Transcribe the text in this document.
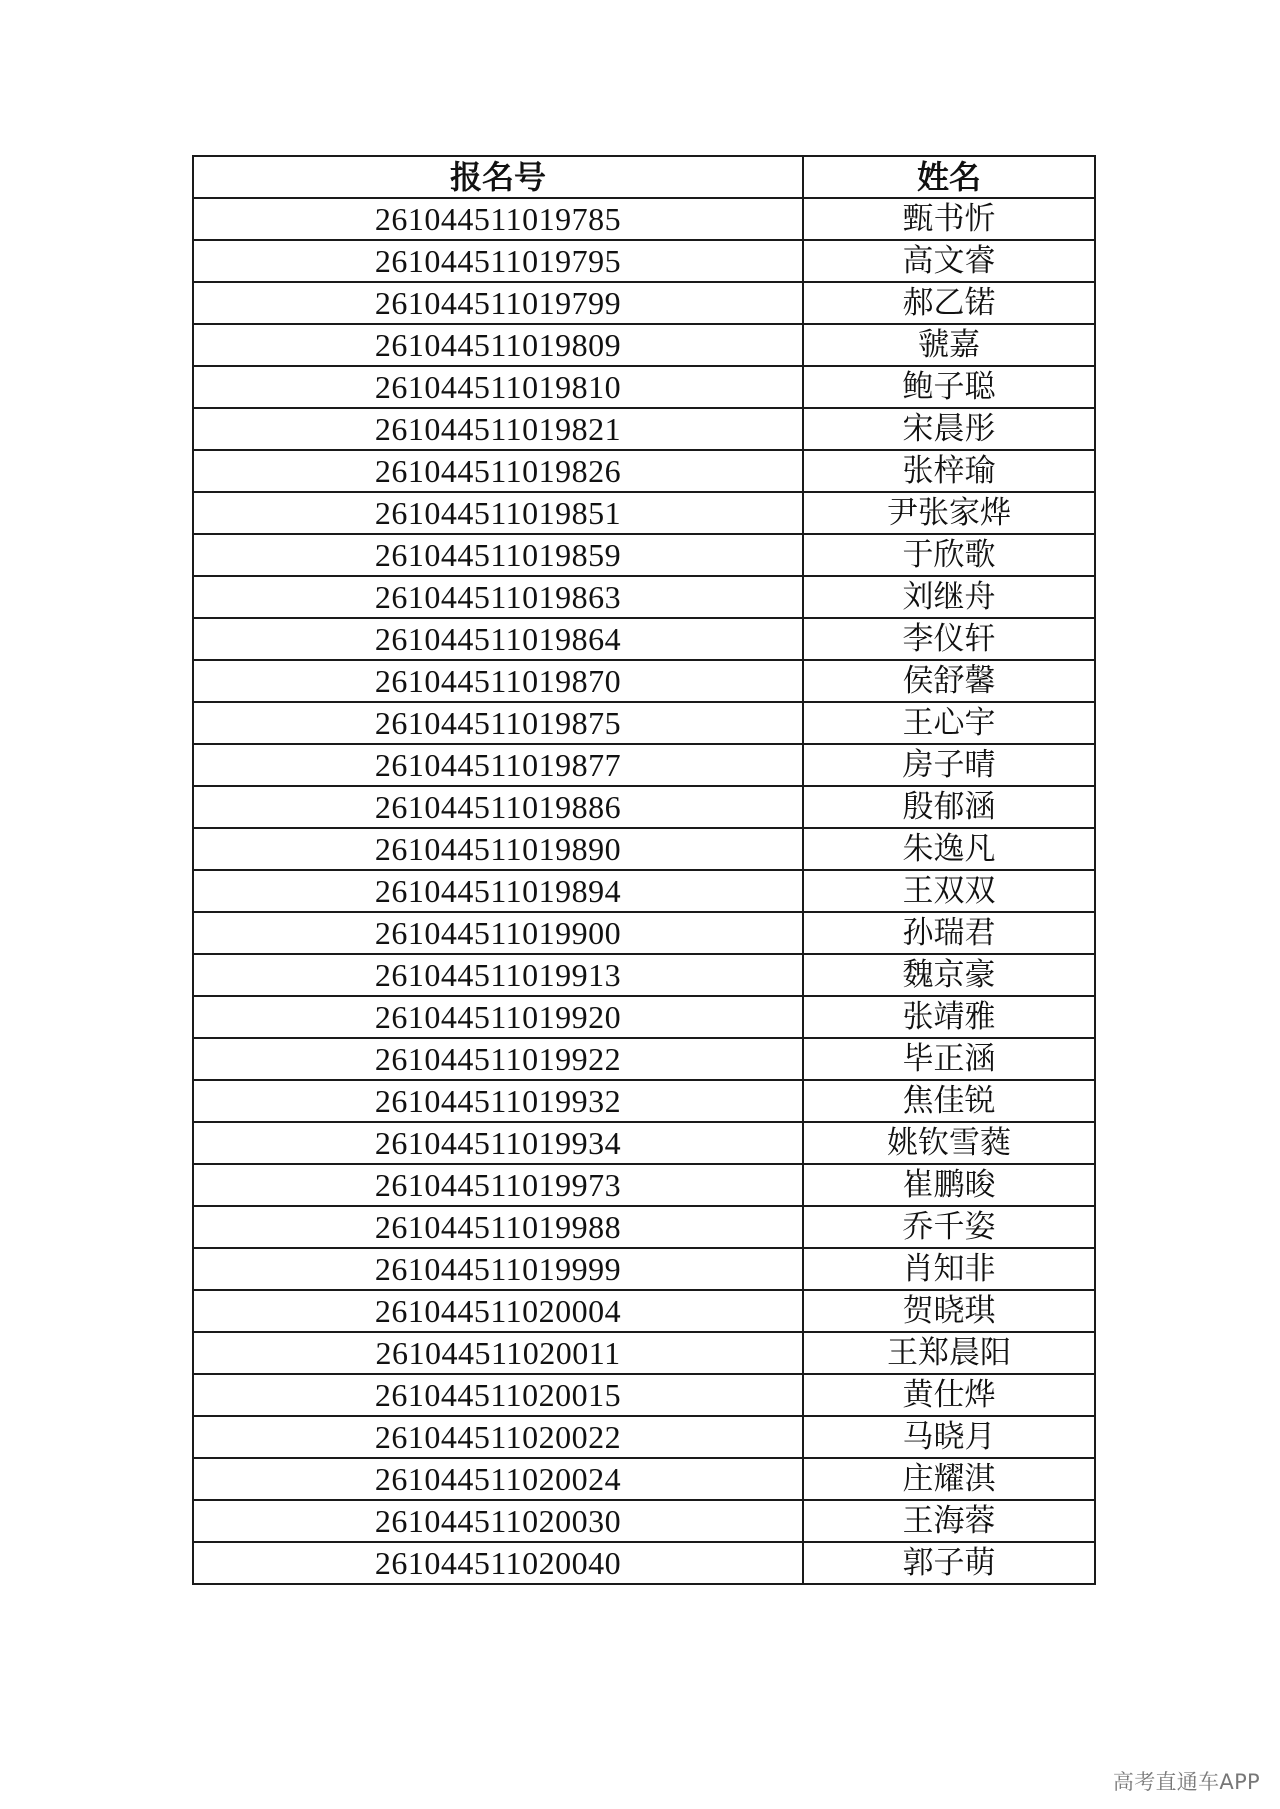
报名号	姓名
261044511019785	甄书忻
261044511019795	高文睿
261044511019799	郝乙锘
261044511019809	虢嘉
261044511019810	鲍子聪
261044511019821	宋晨彤
261044511019826	张梓瑜
261044511019851	尹张家烨
261044511019859	于欣歌
261044511019863	刘继舟
261044511019864	李仪轩
261044511019870	侯舒馨
261044511019875	王心宇
261044511019877	房子晴
261044511019886	殷郁涵
261044511019890	朱逸凡
261044511019894	王双双
261044511019900	孙瑞君
261044511019913	魏京豪
261044511019920	张靖雅
261044511019922	毕正涵
261044511019932	焦佳锐
261044511019934	姚钦雪蕤
261044511019973	崔鹏晙
261044511019988	乔千姿
261044511019999	肖知非
261044511020004	贺晓琪
261044511020011	王郑晨阳
261044511020015	黄仕烨
261044511020022	马晓月
261044511020024	庄耀淇
261044511020030	王海蓉
261044511020040	郭子萌
高考直通车APP
